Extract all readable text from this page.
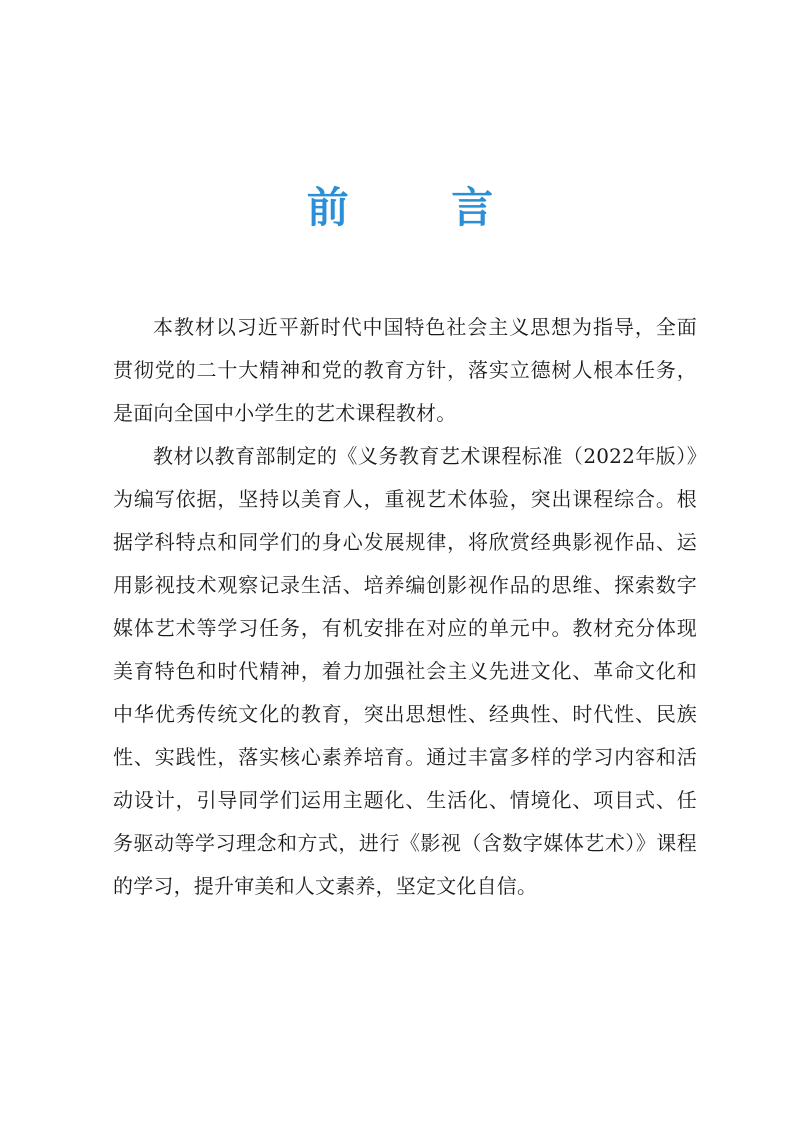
前 言

本教材以习近平新时代中国特色社会主义思想为指导，全面贯彻党的二十大精神和党的教育方针，落实立德树人根本任务，是面向全国中小学生的艺术课程教材。

教材以教育部制定的《义务教育艺术课程标准（2022年版）》为编写依据，坚持以美育人，重视艺术体验，突出课程综合。根据学科特点和同学们的身心发展规律，将欣赏经典影视作品、运用影视技术观察记录生活、培养编创影视作品的思维、探索数字媒体艺术等学习任务，有机安排在对应的单元中。教材充分体现美育特色和时代精神，着力加强社会主义先进文化、革命文化和中华优秀传统文化的教育，突出思想性、经典性、时代性、民族性、实践性，落实核心素养培育。通过丰富多样的学习内容和活动设计，引导同学们运用主题化、生活化、情境化、项目式、任务驱动等学习理念和方式，进行《影视（含数字媒体艺术）》课程的学习，提升审美和人文素养，坚定文化自信。
